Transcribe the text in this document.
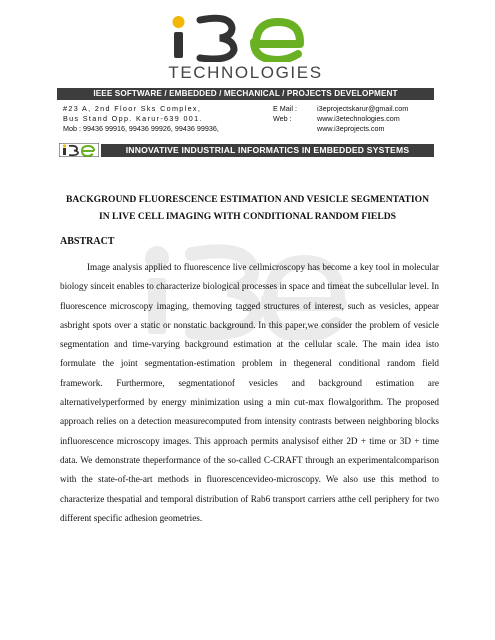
TECHNOLOGIES
IEEE SOFTWARE / EMBEDDED / MECHANICAL / PROJECTS DEVELOPMENT
#23 A, 2nd Floor Sks Complex,
Bus Stand Opp. Karur-639 001.
Mob : 99436 99916, 99436 99926, 99436 99936,
E Mail :	i3eprojectskarur@gmail.com
Web :	www.i3etechnologies.com
www.i3eprojects.com
INNOVATIVE INDUSTRIAL INFORMATICS IN EMBEDDED SYSTEMS
BACKGROUND FLUORESCENCE ESTIMATION AND VESICLE SEGMENTATION
IN LIVE CELL IMAGING WITH CONDITIONAL RANDOM FIELDS
ABSTRACT
Image analysis applied to fluorescence live cellmicroscopy has become a key tool in molecular biology sinceit enables to characterize biological processes in space and timeat the subcellular level. In fluorescence microscopy imaging, themoving tagged structures of interest, such as vesicles, appear asbright spots over a static or nonstatic background. In this paper,we consider the problem of vesicle segmentation and time-varying background estimation at the cellular scale. The main idea isto formulate the joint segmentation-estimation problem in thegeneral conditional random field framework. Furthermore, segmentationof vesicles and background estimation are alternativelyperformed by energy minimization using a min cut-max flowalgorithm. The proposed approach relies on a detection measurecomputed from intensity contrasts between neighboring blocks influorescence microscopy images. This approach permits analysisof either 2D + time or 3D + time data. We demonstrate theperformance of the so-called C-CRAFT through an experimentalcomparison with the state-of-the-art methods in fluorescencevideo-microscopy. We also use this method to characterize thespatial and temporal distribution of Rab6 transport carriers atthe cell periphery for two different specific adhesion geometries.
